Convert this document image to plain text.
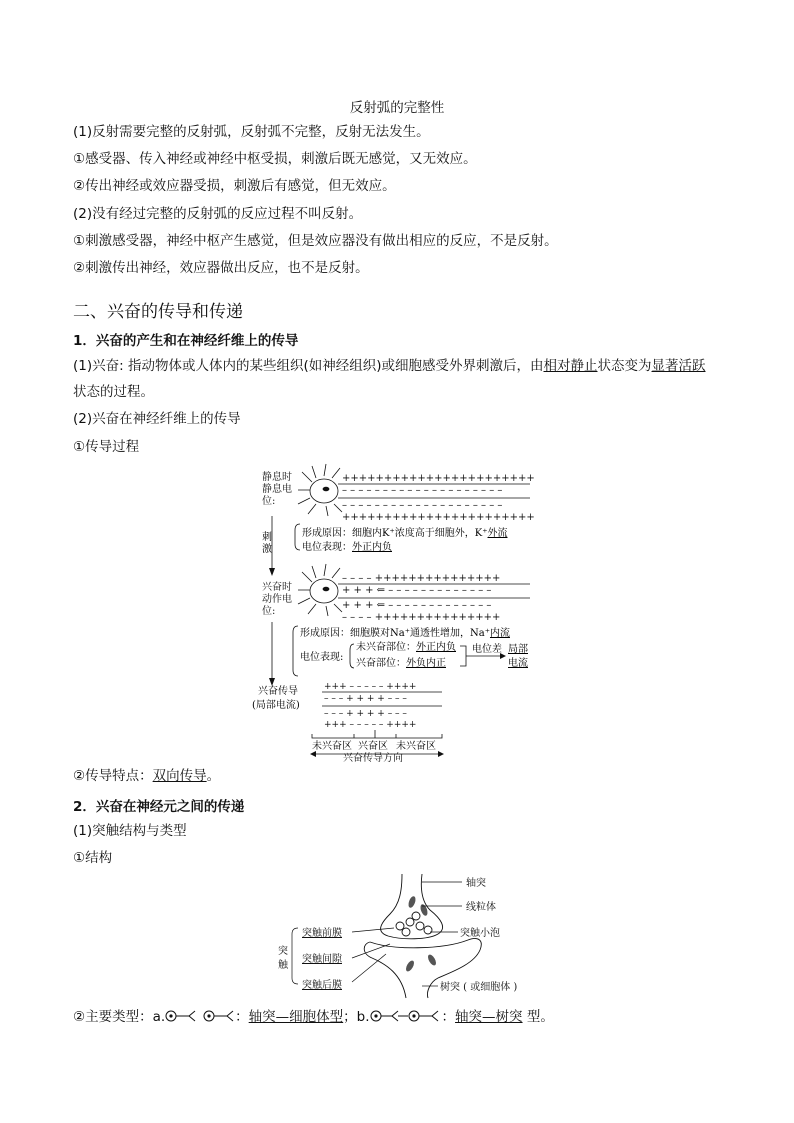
反射弧的完整性
(1)反射需要完整的反射弧，反射弧不完整，反射无法发生。
①感受器、传入神经或神经中枢受损，刺激后既无感觉，又无效应。
②传出神经或效应器受损，刺激后有感觉，但无效应。
(2)没有经过完整的反射弧的反应过程不叫反射。
①刺激感受器，神经中枢产生感觉，但是效应器没有做出相应的反应，不是反射。
②刺激传出神经，效应器做出反应，也不是反射。
二、兴奋的传导和传递
1．兴奋的产生和在神经纤维上的传导
(1)兴奋: 指动物体或人体内的某些组织(如神经组织)或细胞感受外界刺激后，由相对静止状态变为显著活跃
状态的过程。
(2)兴奋在神经纤维上的传导
①传导过程
静息时
静息电
位:
+++++++++++++++++++++++
– – – – – – – – – – – – – – – – – – – –
– – – – – – – – – – – – – – – – – – – –
+++++++++++++++++++++++
刺
激
形成原因：细胞内K⁺浓度高于细胞外，K⁺外流
电位表现：外正内负
兴奋时
动作电
位:
– – – – +++++++++++++++
+ + + ⇐ – – – – – – – – – – – – –
+ + + ⇐ – – – – – – – – – – – – –
– – – – +++++++++++++++
形成原因：细胞膜对Na⁺通透性增加，Na⁺内流
电位表现:
未兴奋部位：外正内负
兴奋部位：外负内正
电位差 局部
电流
兴奋传导
(局部电流)
+++ – – – – – ++++
– – – + + + + – – –
– – – + + + + – – –
+++ – – – – – ++++
未兴奋区 兴奋区 未兴奋区
兴奋传导方向
②传导特点：双向传导。
2．兴奋在神经元之间的传递
(1)突触结构与类型
①结构
轴突
线粒体
突触小泡
突
触
突触前膜
突触间隙
突触后膜	树突 ( 或细胞体 )
②主要类型：a.	：轴突—细胞体型；b.	：轴突—树突 型。
